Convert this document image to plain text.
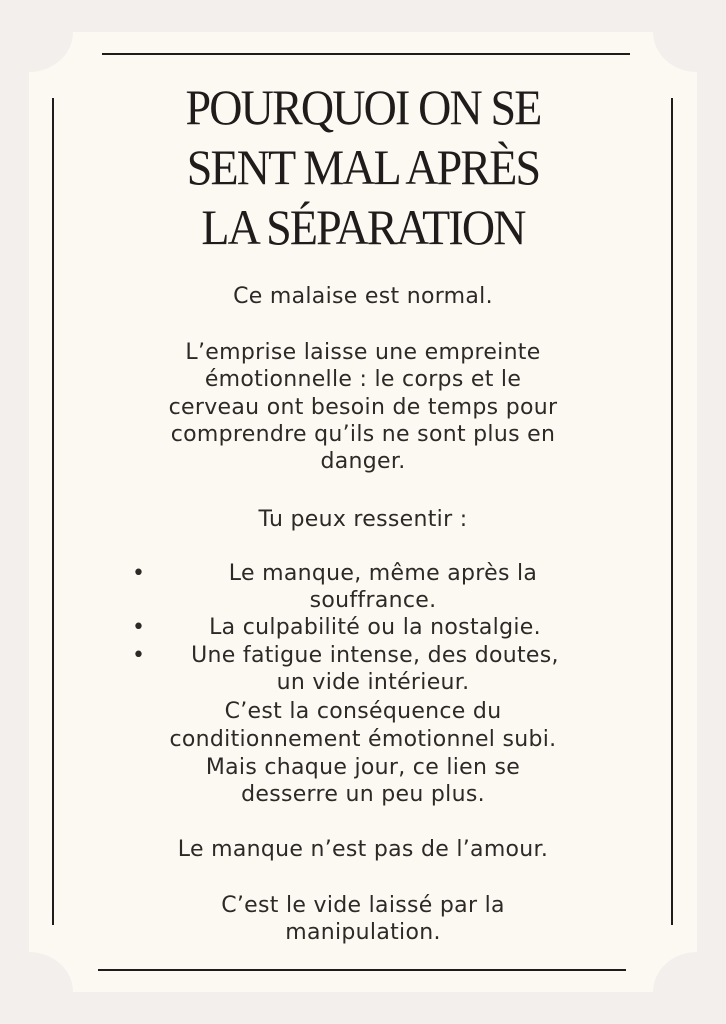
POURQUOI ON SE
SENT MAL APRÈS
LA SÉPARATION
Ce malaise est normal.
L’emprise laisse une empreinte
émotionnelle : le corps et le
cerveau ont besoin de temps pour
comprendre qu’ils ne sont plus en
danger.
Tu peux ressentir :
•	Le manque, même après la
souffrance.
•	La culpabilité ou la nostalgie.
•	Une fatigue intense, des doutes,
un vide intérieur.
C’est la conséquence du
conditionnement émotionnel subi.
Mais chaque jour, ce lien se
desserre un peu plus.
Le manque n’est pas de l’amour.
C’est le vide laissé par la
manipulation.
